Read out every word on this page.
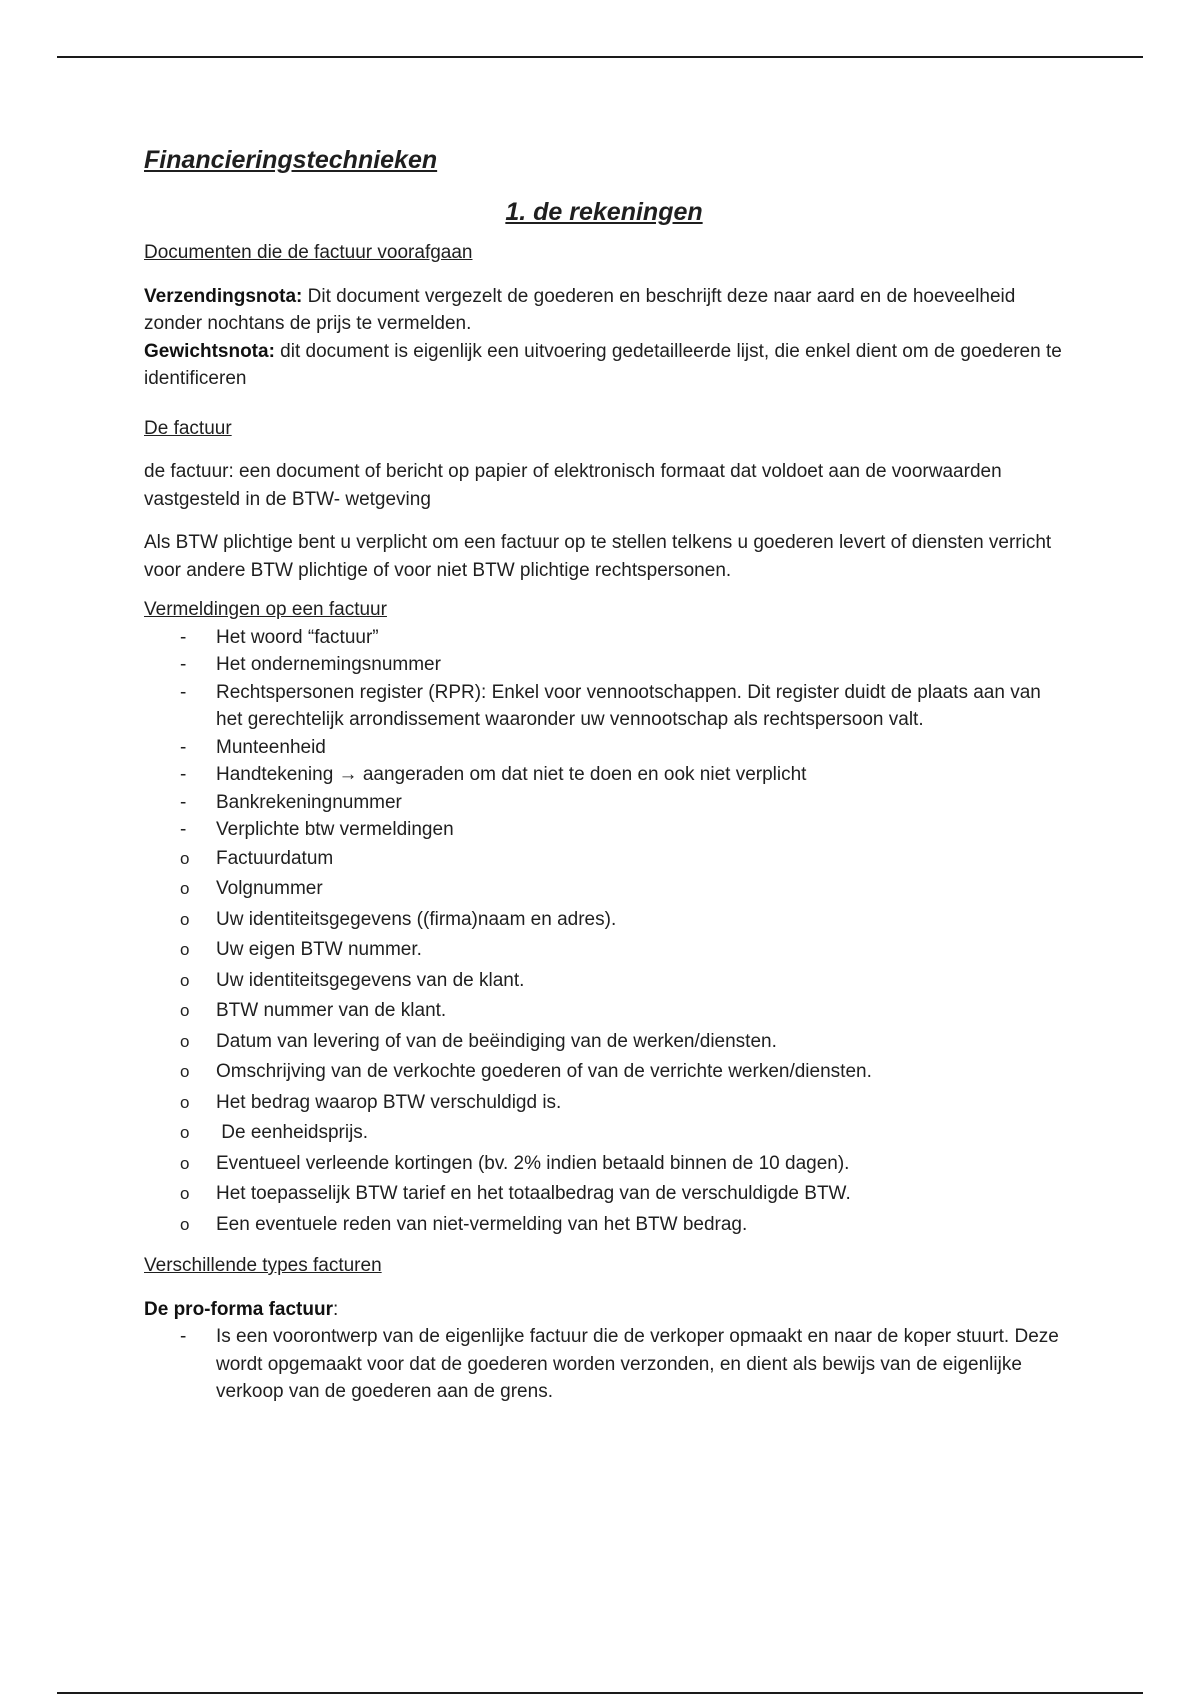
Financieringstechnieken
1. de rekeningen

Documenten die de factuur voorafgaan

Verzendingsnota: Dit document vergezelt de goederen en beschrijft deze naar aard en de hoeveelheid zonder nochtans de prijs te vermelden.

Gewichtsnota: dit document is eigenlijk een uitvoering gedetailleerde lijst, die enkel dient om de goederen te identificeren

De factuur

de factuur: een document of bericht op papier of elektronisch formaat dat voldoet aan de voorwaarden vastgesteld in de BTW- wetgeving

Als BTW plichtige bent u verplicht om een factuur op te stellen telkens u goederen levert of diensten verricht voor andere BTW plichtige of voor niet BTW plichtige rechtspersonen.

Vermeldingen op een factuur

- Het woord “factuur”
- Het ondernemingsnummer
- Rechtspersonen register (RPR): Enkel voor vennootschappen. Dit register duidt de plaats aan van het gerechtelijk arrondissement waaronder uw vennootschap als rechtspersoon valt.
- Munteenheid
- Handtekening → aangeraden om dat niet te doen en ook niet verplicht
- Bankrekeningnummer
- Verplichte btw vermeldingen
o Factuurdatum
o Volgnummer
o Uw identiteitsgegevens ((firma)naam en adres).
o Uw eigen BTW nummer.
o Uw identiteitsgegevens van de klant.
o BTW nummer van de klant.
o Datum van levering of van de beëindiging van de werken/diensten.
o Omschrijving van de verkochte goederen of van de verrichte werken/diensten.
o Het bedrag waarop BTW verschuldigd is.
o  De eenheidsprijs.
o Eventueel verleende kortingen (bv. 2% indien betaald binnen de 10 dagen).
o Het toepasselijk BTW tarief en het totaalbedrag van de verschuldigde BTW.
o Een eventuele reden van niet-vermelding van het BTW bedrag.

Verschillende types facturen

De pro-forma factuur:

- Is een voorontwerp van de eigenlijke factuur die de verkoper opmaakt en naar de koper stuurt. Deze wordt opgemaakt voor dat de goederen worden verzonden, en dient als bewijs van de eigenlijke verkoop van de goederen aan de grens.
